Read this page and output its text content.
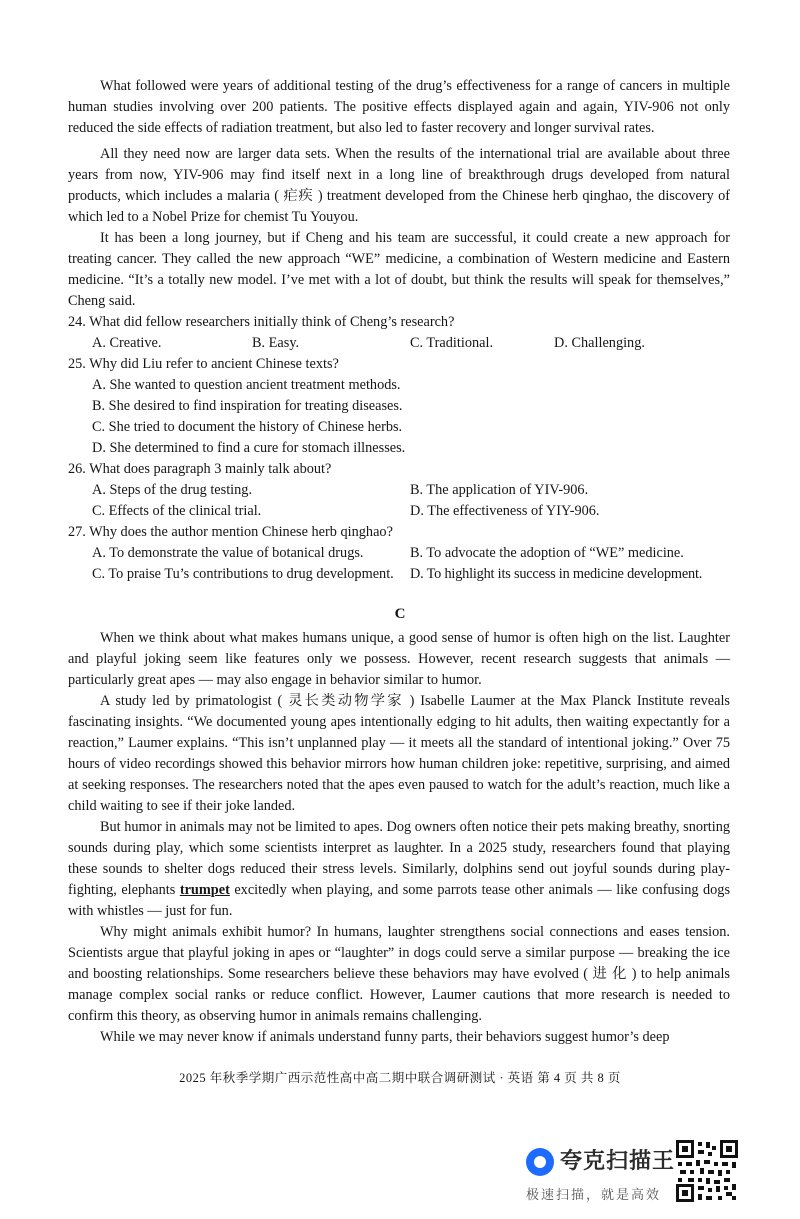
What followed were years of additional testing of the drug’s effectiveness for a range of cancers in multiple human studies involving over 200 patients. The positive effects displayed again and again, YIV-906 not only reduced the side effects of radiation treatment, but also led to faster recovery and longer survival rates.

All they need now are larger data sets. When the results of the international trial are available about three years from now, YIV-906 may find itself next in a long line of breakthrough drugs developed from natural products, which includes a malaria ( 疟疾 ) treatment developed from the Chinese herb qinghao, the discovery of which led to a Nobel Prize for chemist Tu Youyou.

It has been a long journey, but if Cheng and his team are successful, it could create a new approach for treating cancer. They called the new approach “WE” medicine, a combination of Western medicine and Eastern medicine. “It’s a totally new model. I’ve met with a lot of doubt, but think the results will speak for themselves,” Cheng said.

24. What did fellow researchers initially think of Cheng’s research?

A. Creative.	B. Easy.	C. Traditional.	D. Challenging.

25. Why did Liu refer to ancient Chinese texts?

A. She wanted to question ancient treatment methods.

B. She desired to find inspiration for treating diseases.

C. She tried to document the history of Chinese herbs.

D. She determined to find a cure for stomach illnesses.

26. What does paragraph 3 mainly talk about?

A. Steps of the drug testing.	B. The application of YIV-906.

C. Effects of the clinical trial.	D. The effectiveness of YIY-906.

27. Why does the author mention Chinese herb qinghao?

A. To demonstrate the value of botanical drugs.	B. To advocate the adoption of “WE” medicine.

C. To praise Tu’s contributions to drug development. D. To highlight its success in medicine development.

C

When we think about what makes humans unique, a good sense of humor is often high on the list. Laughter and playful joking seem like features only we possess. However, recent research suggests that animals — particularly great apes — may also engage in behavior similar to humor.

A study led by primatologist ( 灵长类动物学家 ) Isabelle Laumer at the Max Planck Institute reveals fascinating insights. “We documented young apes intentionally edging to hit adults, then waiting expectantly for a reaction,” Laumer explains. “This isn’t unplanned play — it meets all the standard of intentional joking.” Over 75 hours of video recordings showed this behavior mirrors how human children joke: repetitive, surprising, and aimed at seeking responses. The researchers noted that the apes even paused to watch for the adult’s reaction, much like a child waiting to see if their joke landed.

But humor in animals may not be limited to apes. Dog owners often notice their pets making breathy, snorting sounds during play, which some scientists interpret as laughter. In a 2025 study, researchers found that playing these sounds to shelter dogs reduced their stress levels. Similarly, dolphins send out joyful sounds during play-fighting, elephants trumpet excitedly when playing, and some parrots tease other animals — like confusing dogs with whistles — just for fun.

Why might animals exhibit humor? In humans, laughter strengthens social connections and eases tension. Scientists argue that playful joking in apes or “laughter” in dogs could serve a similar purpose — breaking the ice and boosting relationships. Some researchers believe these behaviors may have evolved ( 进 化 ) to help animals manage complex social ranks or reduce conflict. However, Laumer cautions that more research is needed to confirm this theory, as observing humor in animals remains challenging.

While we may never know if animals understand funny parts, their behaviors suggest humor’s deep

2025 年秋季学期广西示范性高中高二期中联合调研测试 · 英语 第 4 页 共 8 页
夸克扫描王
极速扫描，就是高效
